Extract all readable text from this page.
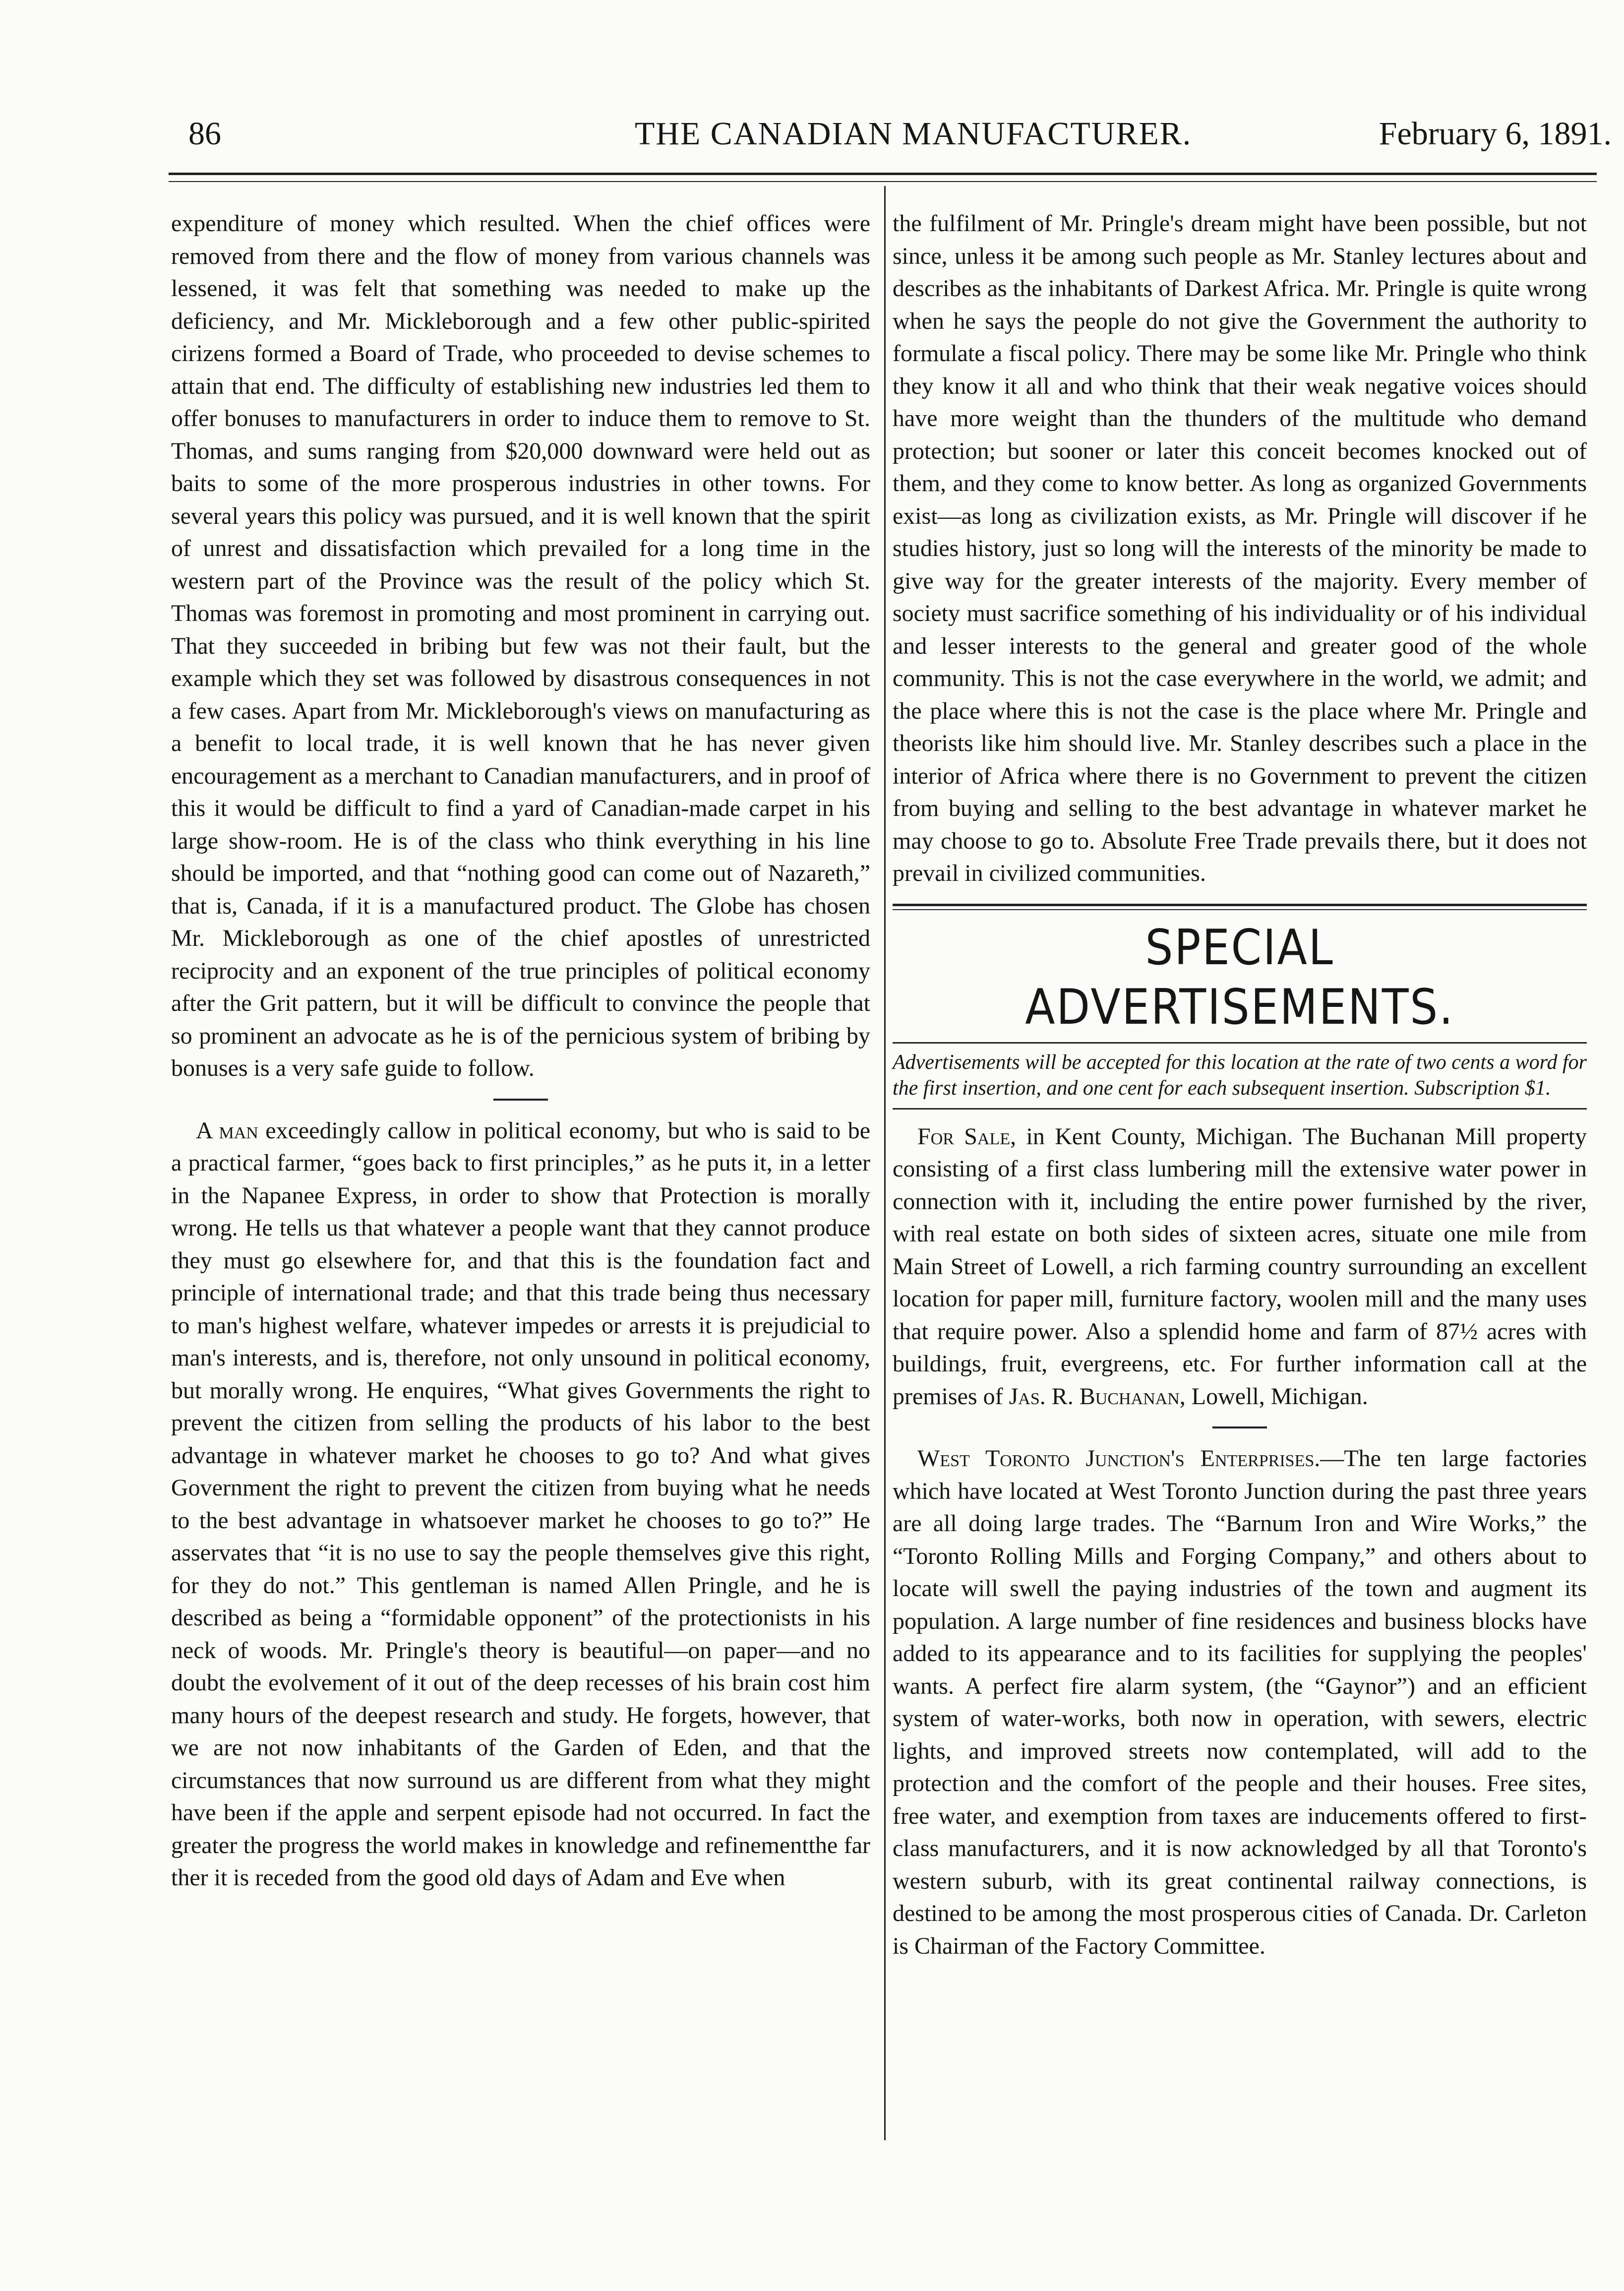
86	THE CANADIAN MANUFACTURER.	February 6, 1891.

expenditure of money which resulted. When the chief offices were removed from there and the flow of money from various channels was lessened, it was felt that something was needed to make up the deficiency, and Mr. Mickleborough and a few other public-spirited cirizens formed a Board of Trade, who proceeded to devise schemes to attain that end. The difficulty of establishing new industries led them to offer bonuses to manufacturers in order to induce them to remove to St. Thomas, and sums ranging from $20,000 downward were held out as baits to some of the more prosperous industries in other towns. For several years this policy was pursued, and it is well known that the spirit of unrest and dissatisfaction which prevailed for a long time in the western part of the Province was the result of the policy which St. Thomas was foremost in promoting and most prominent in carrying out. That they succeeded in bribing but few was not their fault, but the example which they set was followed by disastrous consequences in not a few cases. Apart from Mr. Mickleborough's views on manufacturing as a benefit to local trade, it is well known that he has never given encouragement as a merchant to Canadian manufacturers, and in proof of this it would be difficult to find a yard of Canadian-made carpet in his large show-room. He is of the class who think everything in his line should be imported, and that “nothing good can come out of Nazareth,” that is, Canada, if it is a manufactured product. The Globe has chosen Mr. Mickleborough as one of the chief apostles of unrestricted reciprocity and an exponent of the true principles of political economy after the Grit pattern, but it will be difficult to convince the people that so prominent an advocate as he is of the pernicious system of bribing by bonuses is a very safe guide to follow.

A man exceedingly callow in political economy, but who is said to be a practical farmer, “goes back to first principles,” as he puts it, in a letter in the Napanee Express, in order to show that Protection is morally wrong. He tells us that whatever a people want that they cannot produce they must go elsewhere for, and that this is the foundation fact and principle of international trade; and that this trade being thus necessary to man's highest welfare, whatever impedes or arrests it is prejudicial to man's interests, and is, therefore, not only unsound in political economy, but morally wrong. He enquires, “What gives Governments the right to prevent the citizen from selling the products of his labor to the best advantage in whatever market he chooses to go to? And what gives Government the right to prevent the citizen from buying what he needs to the best advantage in whatsoever market he chooses to go to?” He asservates that “it is no use to say the people themselves give this right, for they do not.” This gentleman is named Allen Pringle, and he is described as being a “formidable opponent” of the protectionists in his neck of woods. Mr. Pringle's theory is beautiful—on paper—and no doubt the evolvement of it out of the deep recesses of his brain cost him many hours of the deepest research and study. He forgets, however, that we are not now inhabitants of the Garden of Eden, and that the circumstances that now surround us are different from what they might have been if the apple and serpent episode had not occurred. In fact the greater the progress the world makes in knowledge and refinementthe far ther it is receded from the good old days of Adam and Eve when

the fulfilment of Mr. Pringle's dream might have been possible, but not since, unless it be among such people as Mr. Stanley lectures about and describes as the inhabitants of Darkest Africa. Mr. Pringle is quite wrong when he says the people do not give the Government the authority to formulate a fiscal policy. There may be some like Mr. Pringle who think they know it all and who think that their weak negative voices should have more weight than the thunders of the multitude who demand protection; but sooner or later this conceit becomes knocked out of them, and they come to know better. As long as organized Governments exist—as long as civilization exists, as Mr. Pringle will discover if he studies history, just so long will the interests of the minority be made to give way for the greater interests of the majority. Every member of society must sacrifice something of his individuality or of his individual and lesser interests to the general and greater good of the whole community. This is not the case everywhere in the world, we admit; and the place where this is not the case is the place where Mr. Pringle and theorists like him should live. Mr. Stanley describes such a place in the interior of Africa where there is no Government to prevent the citizen from buying and selling to the best advantage in whatever market he may choose to go to. Absolute Free Trade prevails there, but it does not prevail in civilized communities.

SPECIAL ADVERTISEMENTS.

Advertisements will be accepted for this location at the rate of two cents a word for the first insertion, and one cent for each subsequent insertion. Subscription $1.

For Sale, in Kent County, Michigan. The Buchanan Mill property consisting of a first class lumbering mill the extensive water power in connection with it, including the entire power furnished by the river, with real estate on both sides of sixteen acres, situate one mile from Main Street of Lowell, a rich farming country surrounding an excellent location for paper mill, furniture factory, woolen mill and the many uses that require power. Also a splendid home and farm of 87½ acres with buildings, fruit, evergreens, etc. For further information call at the premises of Jas. R. Buchanan, Lowell, Michigan.

West Toronto Junction's Enterprises.—The ten large factories which have located at West Toronto Junction during the past three years are all doing large trades. The “Barnum Iron and Wire Works,” the “Toronto Rolling Mills and Forging Company,” and others about to locate will swell the paying industries of the town and augment its population. A large number of fine residences and business blocks have added to its appearance and to its facilities for supplying the peoples' wants. A perfect fire alarm system, (the “Gaynor”) and an efficient system of water-works, both now in operation, with sewers, electric lights, and improved streets now contemplated, will add to the protection and the comfort of the people and their houses. Free sites, free water, and exemption from taxes are inducements offered to first-class manufacturers, and it is now acknowledged by all that Toronto's western suburb, with its great continental railway connections, is destined to be among the most prosperous cities of Canada. Dr. Carleton is Chairman of the Factory Committee.
